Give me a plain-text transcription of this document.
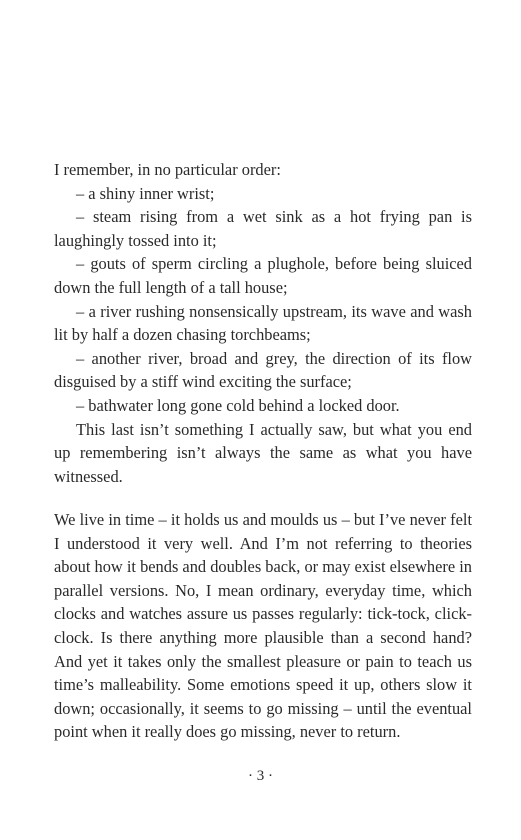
I remember, in no particular order:

– a shiny inner wrist;

– steam rising from a wet sink as a hot frying pan is laughingly tossed into it;

– gouts of sperm circling a plughole, before being sluiced down the full length of a tall house;

– a river rushing nonsensically upstream, its wave and wash lit by half a dozen chasing torchbeams;

– another river, broad and grey, the direction of its flow disguised by a stiff wind exciting the surface;

– bathwater long gone cold behind a locked door.

This last isn’t something I actually saw, but what you end up remembering isn’t always the same as what you have witnessed.

We live in time – it holds us and moulds us – but I’ve never felt I understood it very well. And I’m not referring to theories about how it bends and doubles back, or may exist elsewhere in parallel versions. No, I mean ordinary, everyday time, which clocks and watches assure us passes regularly: tick-tock, click-clock. Is there anything more plausible than a second hand? And yet it takes only the smallest pleasure or pain to teach us time’s malleability. Some emotions speed it up, others slow it down; occasionally, it seems to go missing – until the eventual point when it really does go missing, never to return.

· 3 ·
